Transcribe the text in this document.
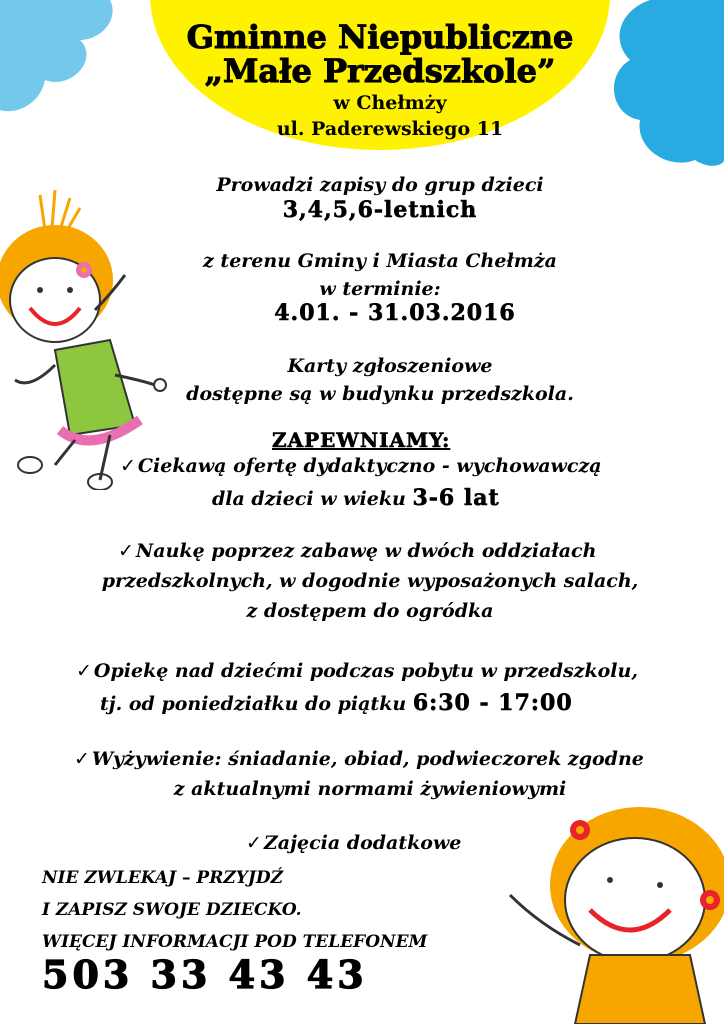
Gminne Niepubliczne
„Małe Przedszkole”
w Chełmży
ul. Paderewskiego 11
Prowadzi zapisy do grup dzieci
3,4,5,6-letnich
z terenu Gminy i Miasta Chełmża
w terminie:
4.01. - 31.03.2016
Karty zgłoszeniowe
dostępne są w budynku przedszkola.
ZAPEWNIAMY:
✓ Ciekawą ofertę dydaktyczno - wychowawczą
dla dzieci w wieku 3-6 lat
✓ Naukę poprzez zabawę w dwóch oddziałach
przedszkolnych, w dogodnie wyposażonych salach,
z dostępem do ogródka
✓ Opiekę nad dziećmi podczas pobytu w przedszkolu,
tj. od poniedziałku do piątku 6:30 - 17:00
✓ Wyżywienie: śniadanie, obiad, podwieczorek zgodne
z aktualnymi normami żywieniowymi
✓ Zajęcia dodatkowe
NIE ZWLEKAJ – PRZYJDŹ
I ZAPISZ SWOJE DZIECKO.
WIĘCEJ INFORMACJI POD TELEFONEM
503 33 43 43
